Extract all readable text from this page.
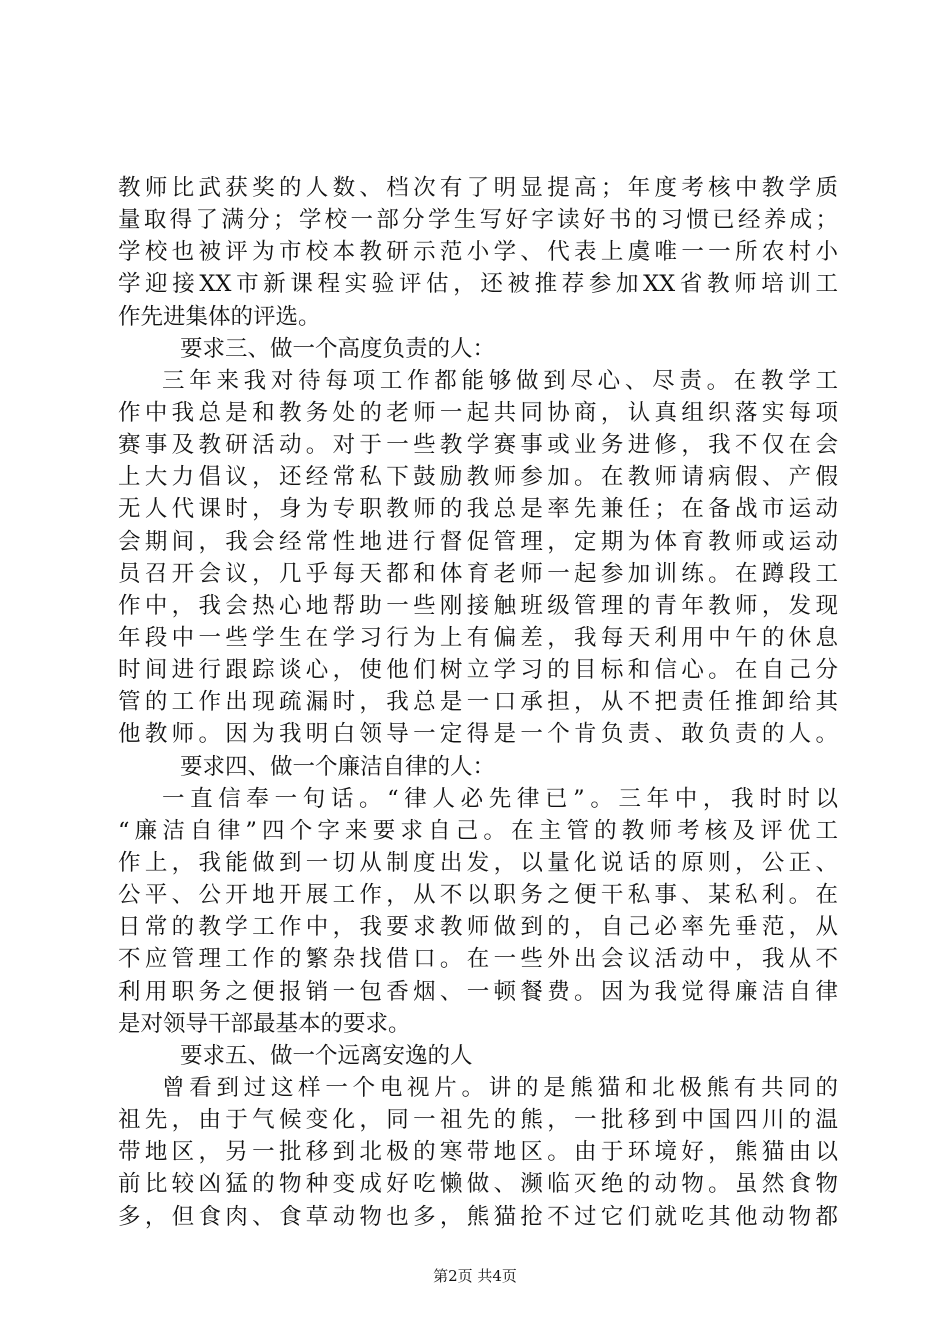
教师比武获奖的人数、档次有了明显提高；年度考核中教学质
量取得了满分；学校一部分学生写好字读好书的习惯已经养成；
学校也被评为市校本教研示范小学、代表上虞唯一一所农村小
学迎接XX市新课程实验评估，还被推荐参加XX省教师培训工
作先进集体的评选。
要求三、做一个高度负责的人：
三年来我对待每项工作都能够做到尽心、尽责。在教学工
作中我总是和教务处的老师一起共同协商，认真组织落实每项
赛事及教研活动。对于一些教学赛事或业务进修，我不仅在会
上大力倡议，还经常私下鼓励教师参加。在教师请病假、产假
无人代课时，身为专职教师的我总是率先兼任；在备战市运动
会期间，我会经常性地进行督促管理，定期为体育教师或运动
员召开会议，几乎每天都和体育老师一起参加训练。在蹲段工
作中，我会热心地帮助一些刚接触班级管理的青年教师，发现
年段中一些学生在学习行为上有偏差，我每天利用中午的休息
时间进行跟踪谈心，使他们树立学习的目标和信心。在自己分
管的工作出现疏漏时，我总是一口承担，从不把责任推卸给其
他教师。因为我明白领导一定得是一个肯负责、敢负责的人。
要求四、做一个廉洁自律的人：
一直信奉一句话。“律人必先律已”。三年中，我时时以
“廉洁自律”四个字来要求自己。在主管的教师考核及评优工
作上，我能做到一切从制度出发，以量化说话的原则，公正、
公平、公开地开展工作，从不以职务之便干私事、某私利。在
日常的教学工作中，我要求教师做到的，自己必率先垂范，从
不应管理工作的繁杂找借口。在一些外出会议活动中，我从不
利用职务之便报销一包香烟、一顿餐费。因为我觉得廉洁自律
是对领导干部最基本的要求。
要求五、做一个远离安逸的人
曾看到过这样一个电视片。讲的是熊猫和北极熊有共同的
祖先，由于气候变化，同一祖先的熊，一批移到中国四川的温
带地区，另一批移到北极的寒带地区。由于环境好，熊猫由以
前比较凶猛的物种变成好吃懒做、濒临灭绝的动物。虽然食物
多，但食肉、食草动物也多，熊猫抢不过它们就吃其他动物都
第2页 共4页
